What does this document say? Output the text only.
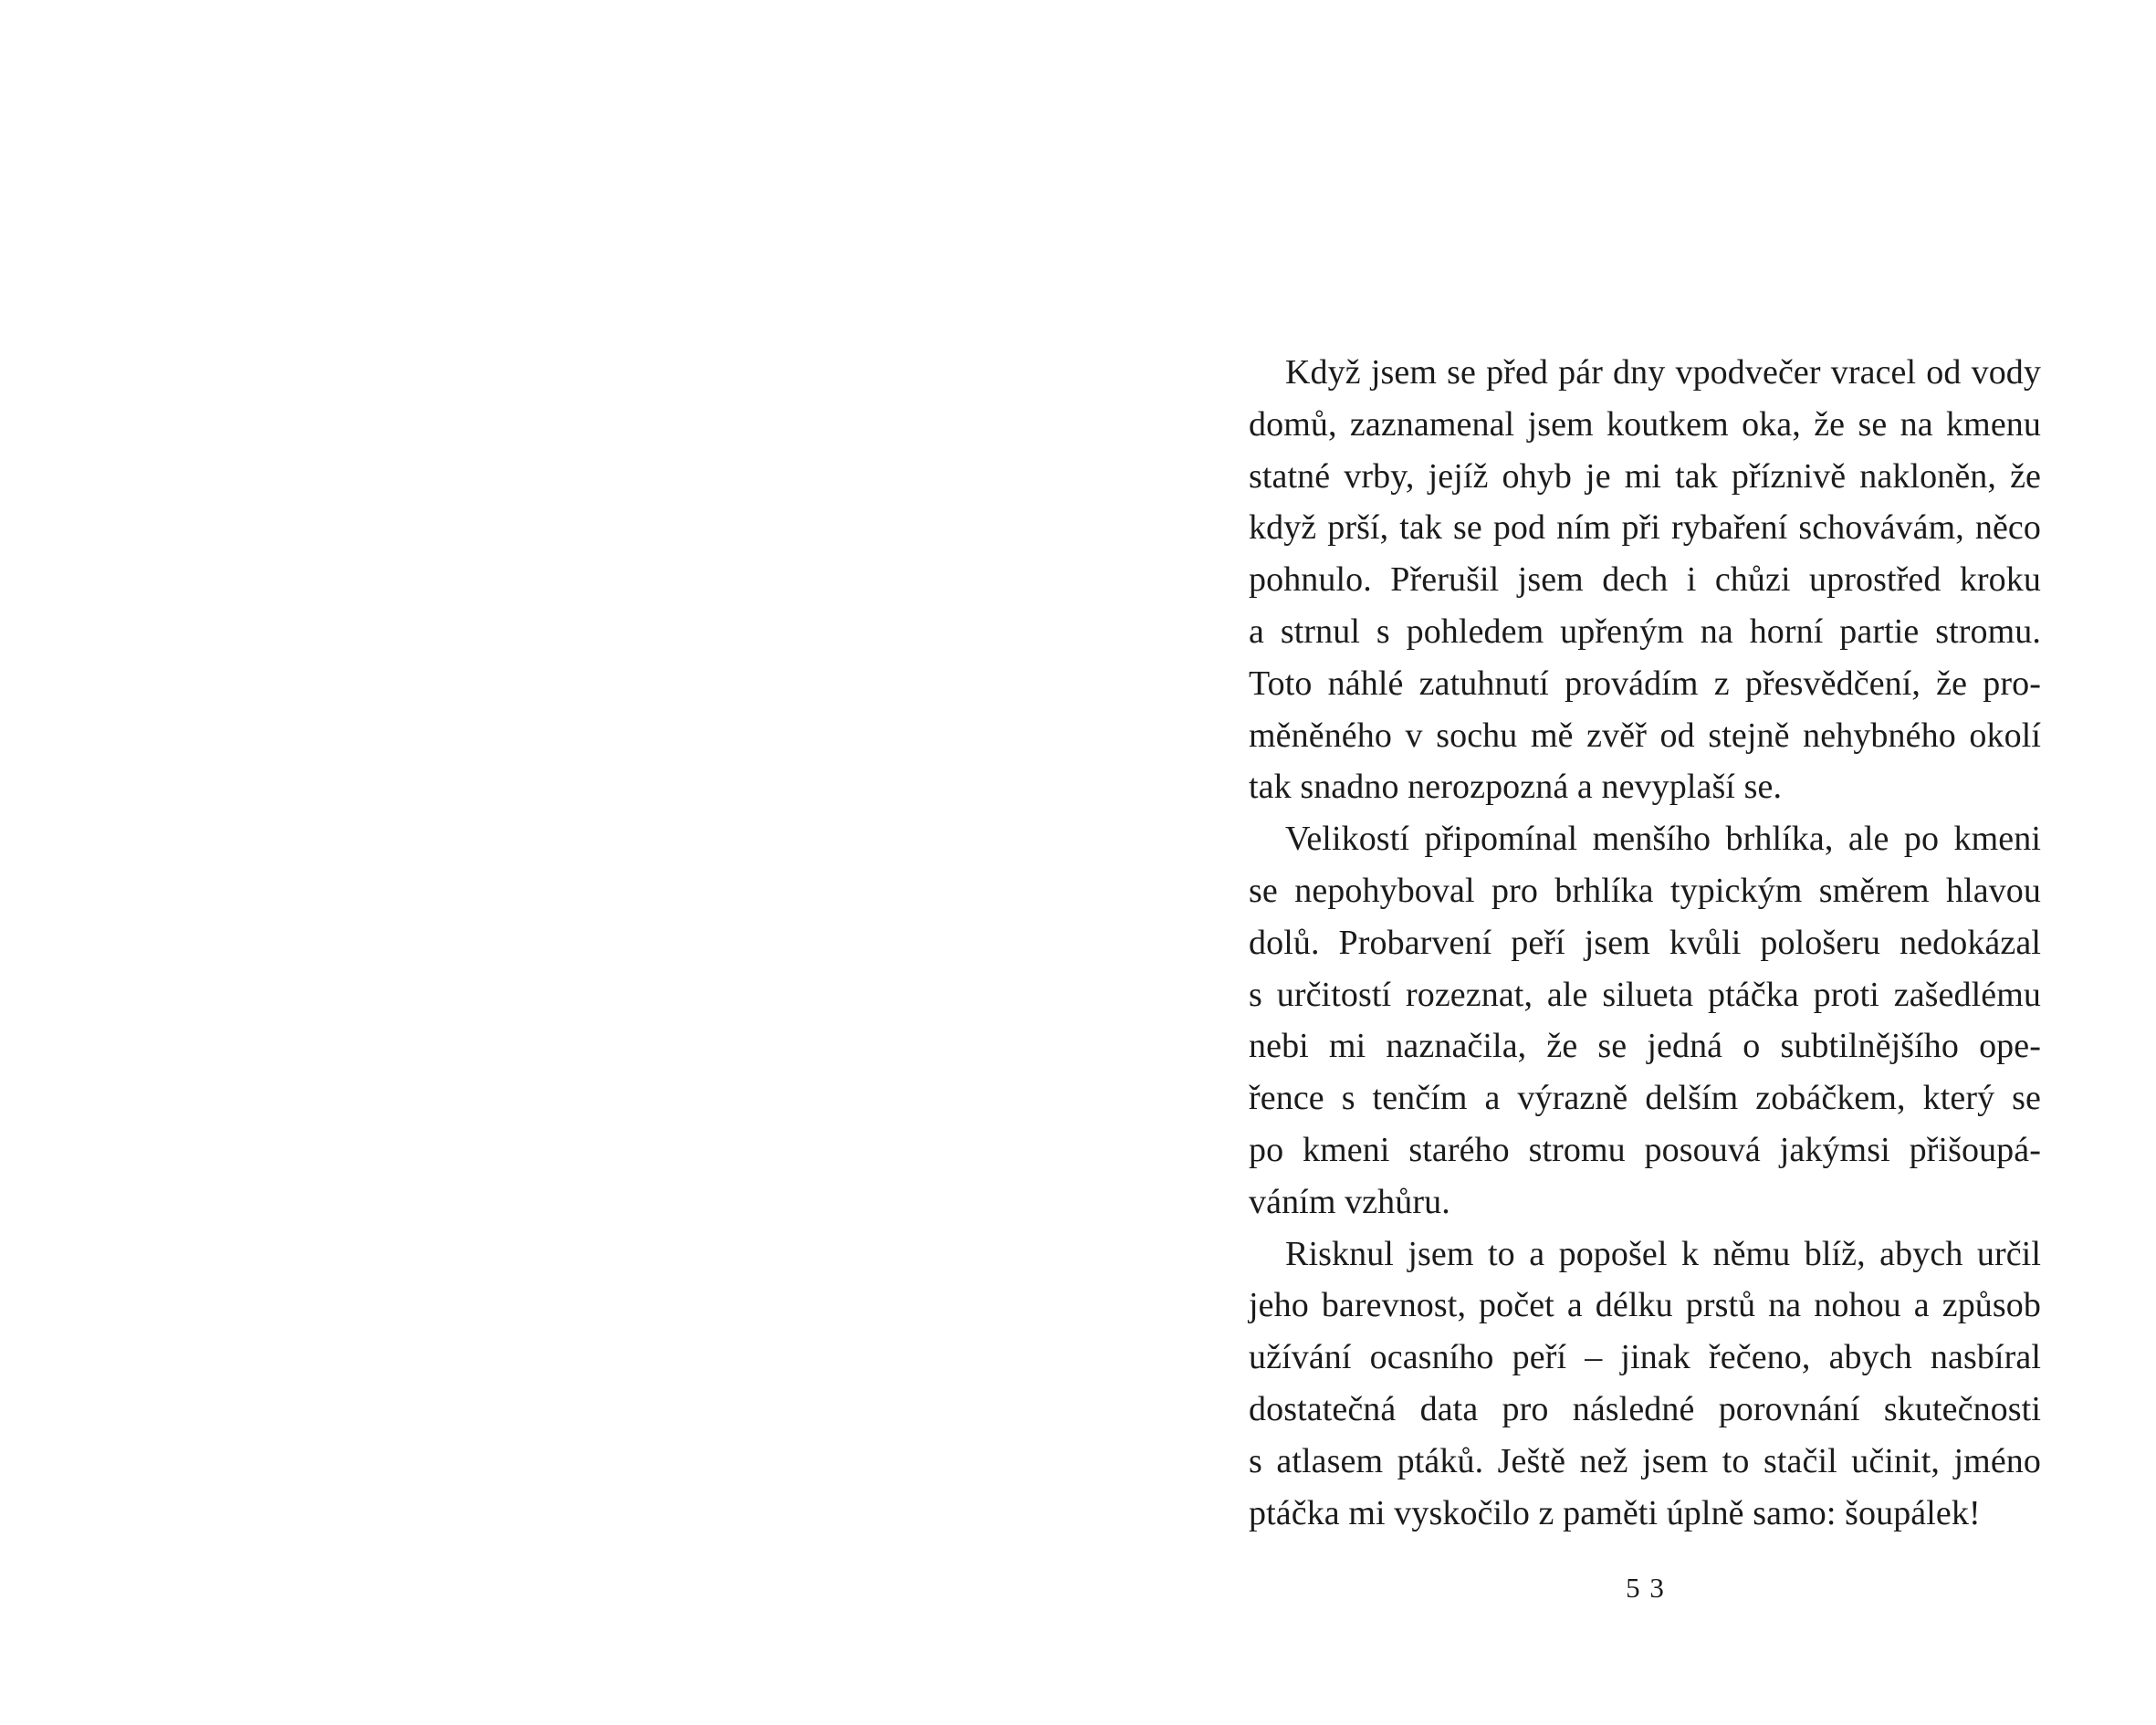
Když jsem se před pár dny vpodvečer vracel od vody
domů, zaznamenal jsem koutkem oka, že se na kmenu
statné vrby, jejíž ohyb je mi tak příznivě nakloněn, že
když prší, tak se pod ním při rybaření schovávám, něco
pohnulo. Přerušil jsem dech i chůzi uprostřed kroku
a strnul s pohledem upřeným na horní partie stromu.
Toto náhlé zatuhnutí provádím z přesvědčení, že pro-
měněného v sochu mě zvěř od stejně nehybného okolí
tak snadno nerozpozná a nevyplaší se.
Velikostí připomínal menšího brhlíka, ale po kmeni
se nepohyboval pro brhlíka typickým směrem hlavou
dolů. Probarvení peří jsem kvůli pološeru nedokázal
s určitostí rozeznat, ale silueta ptáčka proti zašedlému
nebi mi naznačila, že se jedná o subtilnějšího ope-
řence s tenčím a výrazně delším zobáčkem, který se
po kmeni starého stromu posouvá jakýmsi přišoupá-
váním vzhůru.
Risknul jsem to a popošel k němu blíž, abych určil
jeho barevnost, počet a délku prstů na nohou a způsob
užívání ocasního peří – jinak řečeno, abych nasbíral
dostatečná data pro následné porovnání skutečnosti
s atlasem ptáků. Ještě než jsem to stačil učinit, jméno
ptáčka mi vyskočilo z paměti úplně samo: šoupálek!
53
